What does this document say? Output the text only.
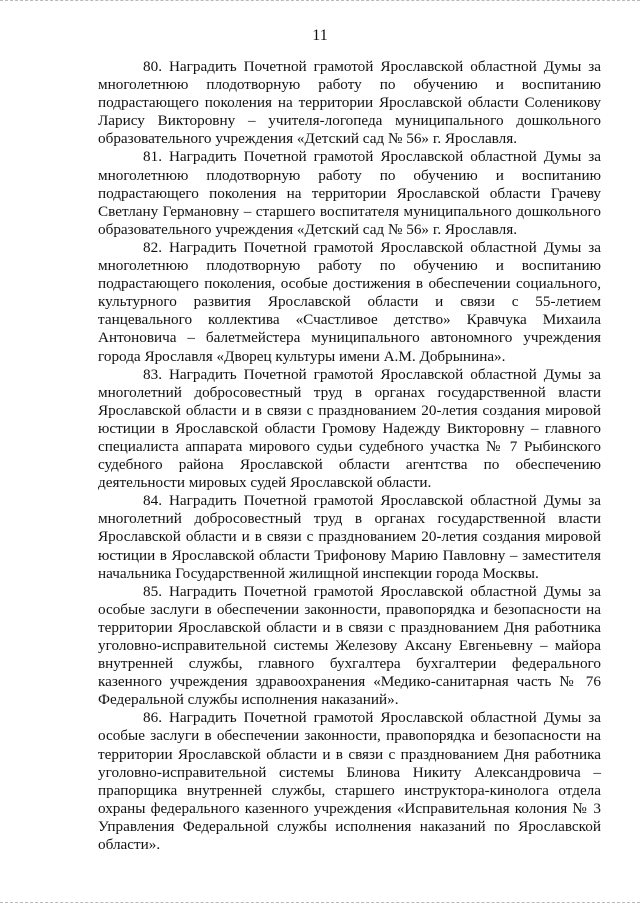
11

80. Наградить Почетной грамотой Ярославской областной Думы за многолетнюю плодотворную работу по обучению и воспитанию подрастающего поколения на территории Ярославской области Соленикову Ларису Викторовну – учителя-логопеда муниципального дошкольного образовательного учреждения «Детский сад № 56» г. Ярославля.

81. Наградить Почетной грамотой Ярославской областной Думы за многолетнюю плодотворную работу по обучению и воспитанию подрастающего поколения на территории Ярославской области Грачеву Светлану Германовну – старшего воспитателя муниципального дошкольного образовательного учреждения «Детский сад № 56» г. Ярославля.

82. Наградить Почетной грамотой Ярославской областной Думы за многолетнюю плодотворную работу по обучению и воспитанию подрастающего поколения, особые достижения в обеспечении социального, культурного развития Ярославской области и связи с 55-летием танцевального коллектива «Счастливое детство» Кравчука Михаила Антоновича – балетмейстера муниципального автономного учреждения города Ярославля «Дворец культуры имени А.М. Добрынина».

83. Наградить Почетной грамотой Ярославской областной Думы за многолетний добросовестный труд в органах государственной власти Ярославской области и в связи с празднованием 20-летия создания мировой юстиции в Ярославской области Громову Надежду Викторовну – главного специалиста аппарата мирового судьи судебного участка № 7 Рыбинского судебного района Ярославской области агентства по обеспечению деятельности мировых судей Ярославской области.

84. Наградить Почетной грамотой Ярославской областной Думы за многолетний добросовестный труд в органах государственной власти Ярославской области и в связи с празднованием 20-летия создания мировой юстиции в Ярославской области Трифонову Марию Павловну – заместителя начальника Государственной жилищной инспекции города Москвы.

85. Наградить Почетной грамотой Ярославской областной Думы за особые заслуги в обеспечении законности, правопорядка и безопасности на территории Ярославской области и в связи с празднованием Дня работника уголовно-исправительной системы Железову Аксану Евгеньевну – майора внутренней службы, главного бухгалтера бухгалтерии федерального казенного учреждения здравоохранения «Медико-санитарная часть № 76 Федеральной службы исполнения наказаний».

86. Наградить Почетной грамотой Ярославской областной Думы за особые заслуги в обеспечении законности, правопорядка и безопасности на территории Ярославской области и в связи с празднованием Дня работника уголовно-исправительной системы Блинова Никиту Александровича – прапорщика внутренней службы, старшего инструктора-кинолога отдела охраны федерального казенного учреждения «Исправительная колония № 3 Управления Федеральной службы исполнения наказаний по Ярославской области».
